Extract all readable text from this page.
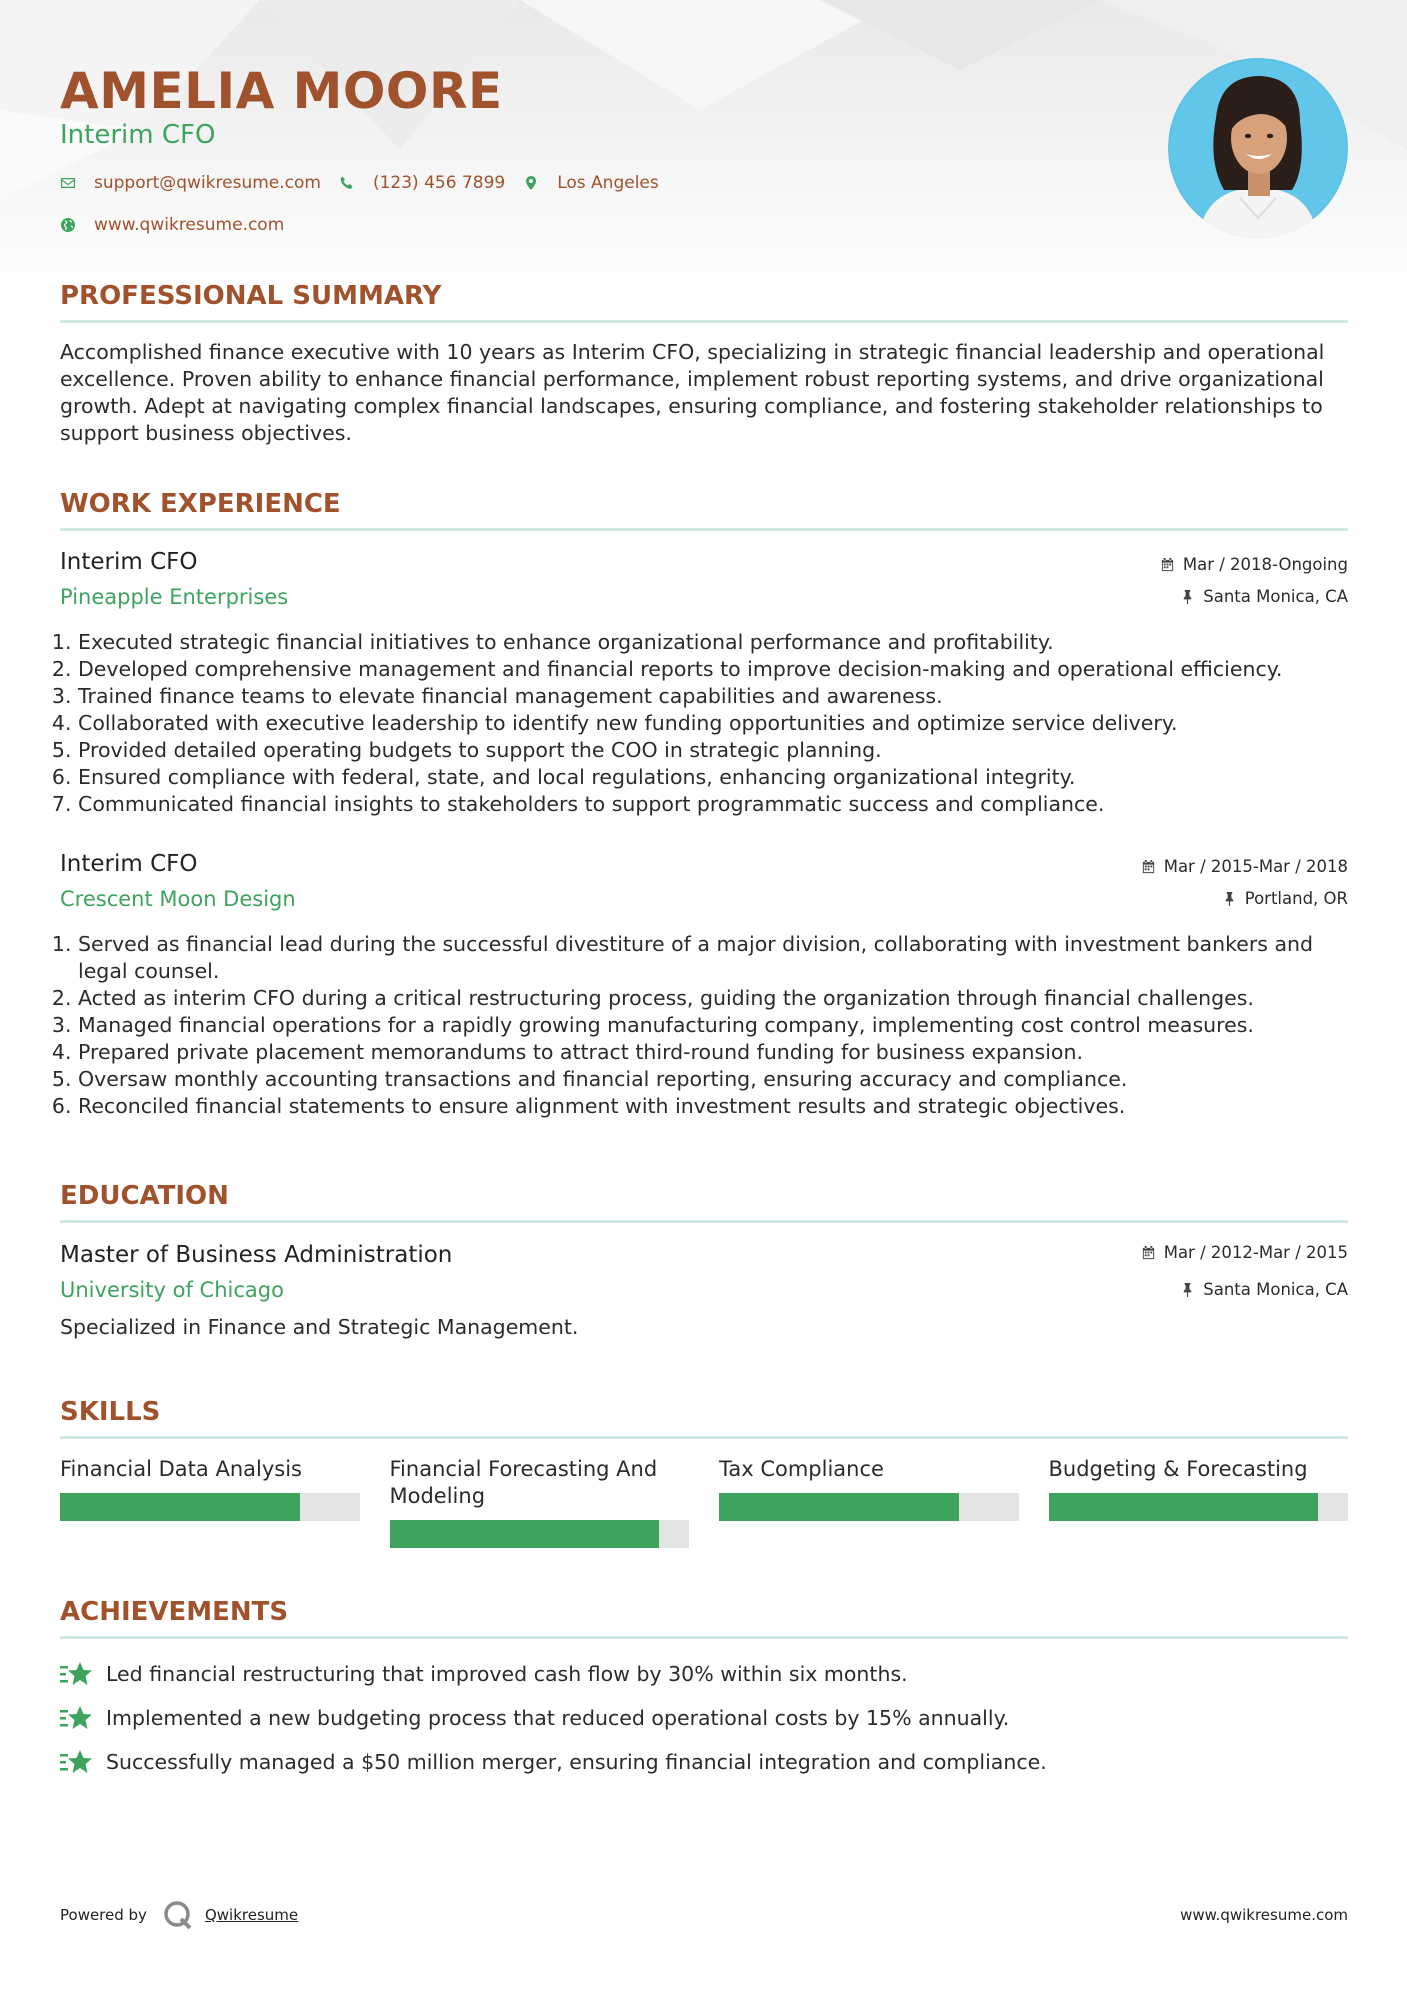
AMELIA MOORE
Interim CFO
support@qwikresume.com	(123) 456 7899	Los Angeles
www.qwikresume.com
PROFESSIONAL SUMMARY
Accomplished finance executive with 10 years as Interim CFO, specializing in strategic financial leadership and operational excellence. Proven ability to enhance financial performance, implement robust reporting systems, and drive organizational growth. Adept at navigating complex financial landscapes, ensuring compliance, and fostering stakeholder relationships to support business objectives.
WORK EXPERIENCE
Interim CFO
Pineapple Enterprises
Mar / 2018-Ongoing
Santa Monica, CA
1. Executed strategic financial initiatives to enhance organizational performance and profitability.
2. Developed comprehensive management and financial reports to improve decision-making and operational efficiency.
3. Trained finance teams to elevate financial management capabilities and awareness.
4. Collaborated with executive leadership to identify new funding opportunities and optimize service delivery.
5. Provided detailed operating budgets to support the COO in strategic planning.
6. Ensured compliance with federal, state, and local regulations, enhancing organizational integrity.
7. Communicated financial insights to stakeholders to support programmatic success and compliance.
Interim CFO
Crescent Moon Design
Mar / 2015-Mar / 2018
Portland, OR
1. Served as financial lead during the successful divestiture of a major division, collaborating with investment bankers and legal counsel.
2. Acted as interim CFO during a critical restructuring process, guiding the organization through financial challenges.
3. Managed financial operations for a rapidly growing manufacturing company, implementing cost control measures.
4. Prepared private placement memorandums to attract third-round funding for business expansion.
5. Oversaw monthly accounting transactions and financial reporting, ensuring accuracy and compliance.
6. Reconciled financial statements to ensure alignment with investment results and strategic objectives.
EDUCATION
Master of Business Administration
University of Chicago
Mar / 2012-Mar / 2015
Santa Monica, CA
Specialized in Finance and Strategic Management.
SKILLS
Financial Data Analysis	Financial Forecasting And Modeling
Tax Compliance	Budgeting & Forecasting
ACHIEVEMENTS
Led financial restructuring that improved cash flow by 30% within six months.
Implemented a new budgeting process that reduced operational costs by 15% annually.
Successfully managed a $50 million merger, ensuring financial integration and compliance.
Powered by	Qwikresume	www.qwikresume.com
